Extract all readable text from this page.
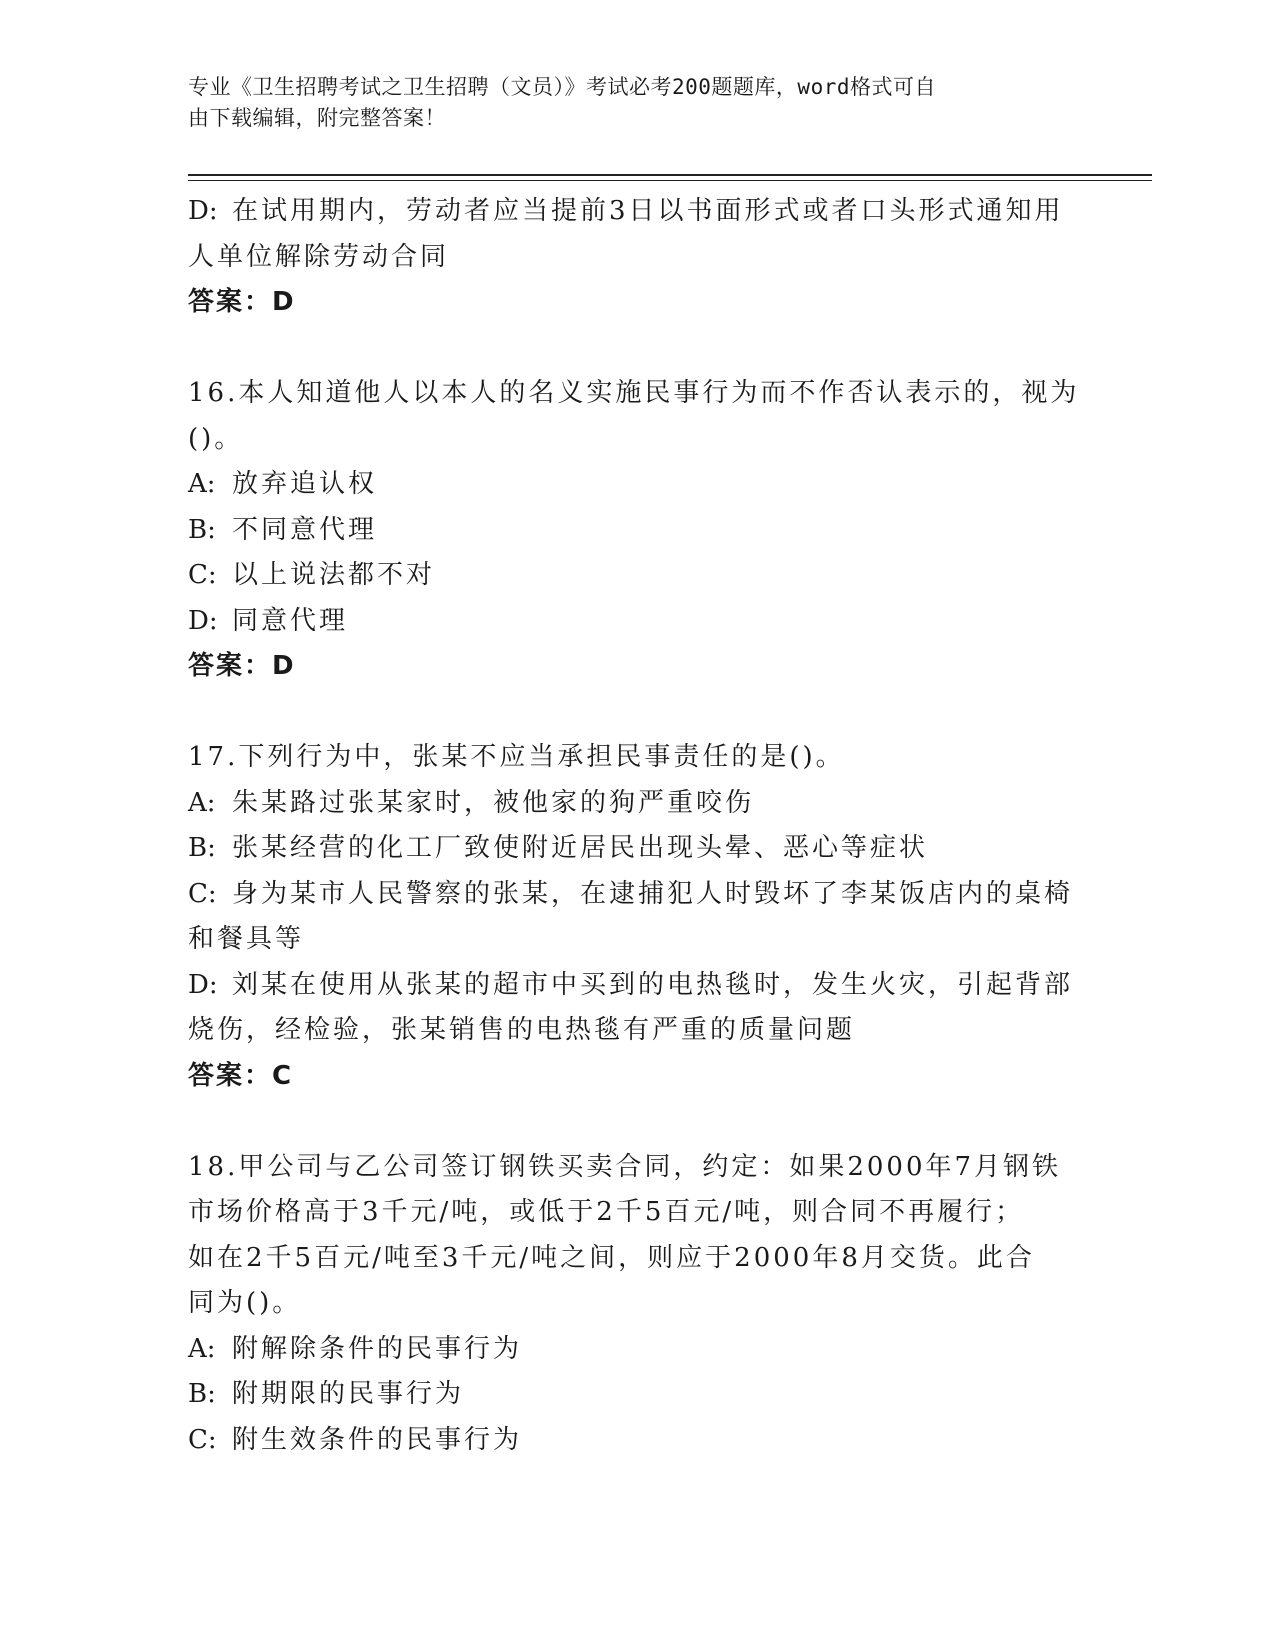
专业《卫生招聘考试之卫生招聘（文员）》考试必考200题题库，word格式可自
由下载编辑，附完整答案！
D: 在试用期内，劳动者应当提前3日以书面形式或者口头形式通知用
人单位解除劳动合同
答案：D
16.本人知道他人以本人的名义实施民事行为而不作否认表示的，视为
()。
A: 放弃追认权
B: 不同意代理
C: 以上说法都不对
D: 同意代理
答案：D
17.下列行为中，张某不应当承担民事责任的是()。
A: 朱某路过张某家时，被他家的狗严重咬伤
B: 张某经营的化工厂致使附近居民出现头晕、恶心等症状
C: 身为某市人民警察的张某，在逮捕犯人时毁坏了李某饭店内的桌椅
和餐具等
D: 刘某在使用从张某的超市中买到的电热毯时，发生火灾，引起背部
烧伤，经检验，张某销售的电热毯有严重的质量问题
答案：C
18.甲公司与乙公司签订钢铁买卖合同，约定：如果2000年7月钢铁
市场价格高于3千元/吨，或低于2千5百元/吨，则合同不再履行；
如在2千5百元/吨至3千元/吨之间，则应于2000年8月交货。此合
同为()。
A: 附解除条件的民事行为
B: 附期限的民事行为
C: 附生效条件的民事行为
